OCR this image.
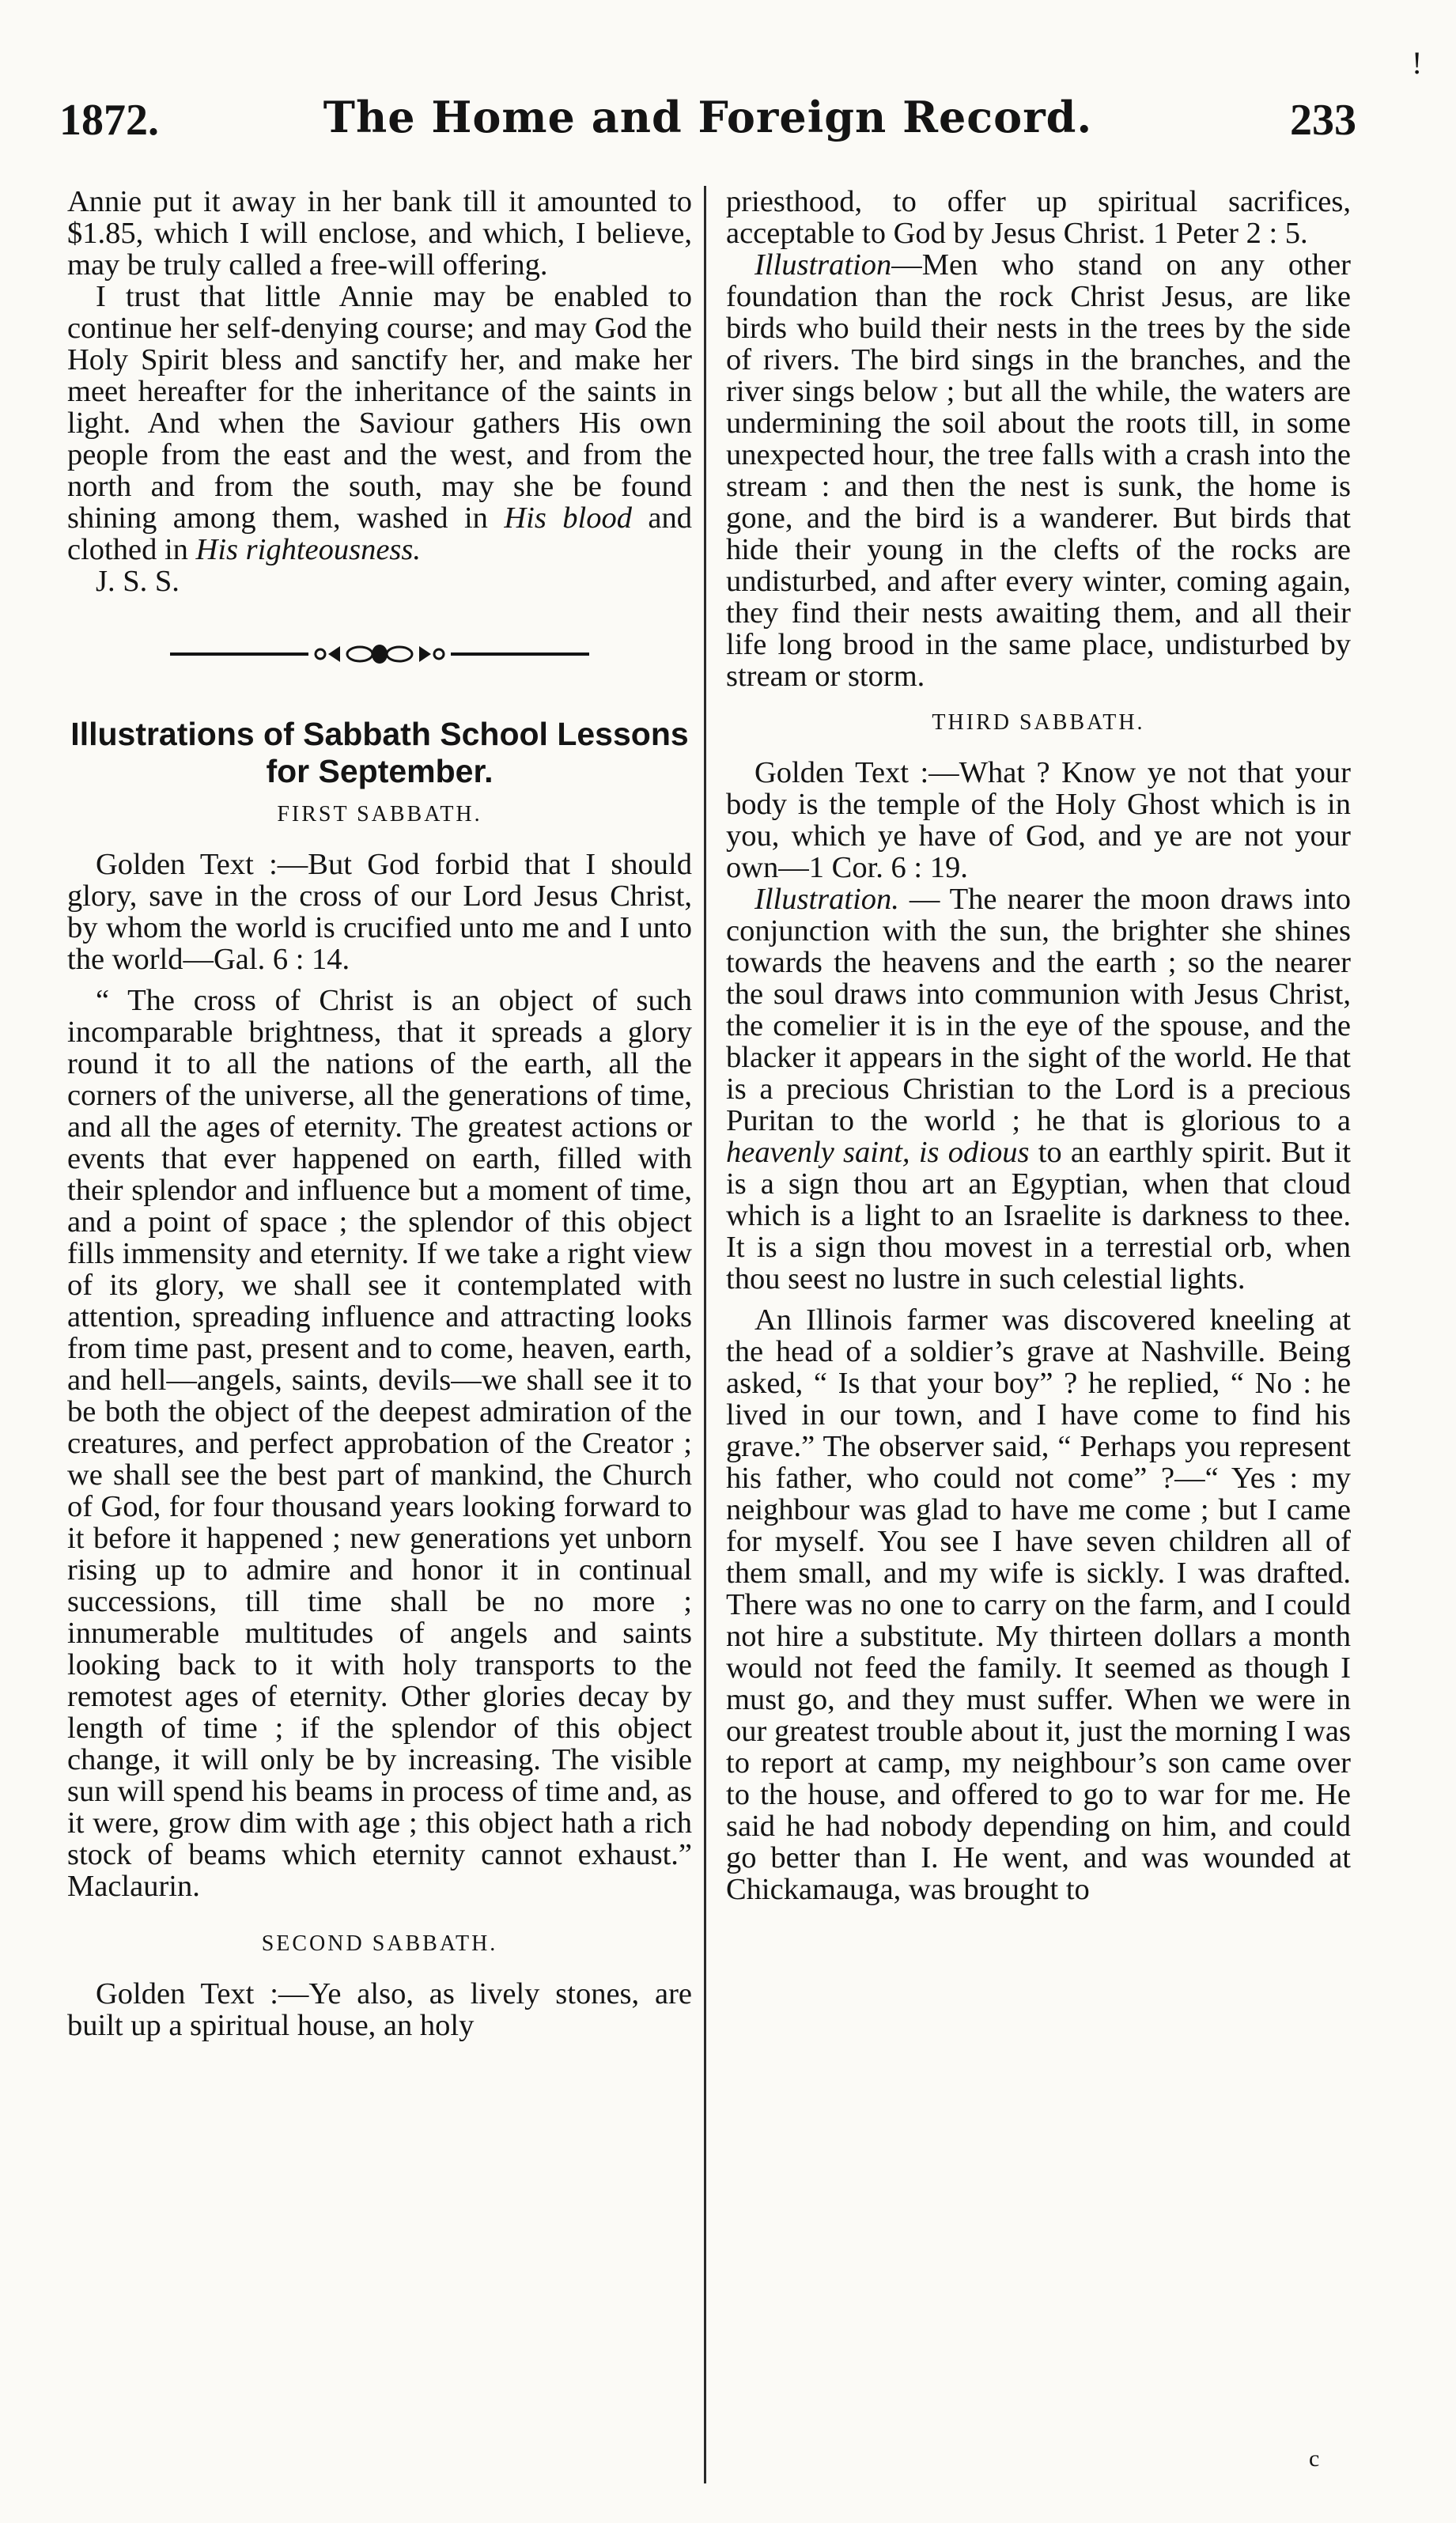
!
1872.	The Home and Foreign Record.	233

Annie put it away in her bank till it amounted to $1.85, which I will enclose, and which, I believe, may be truly called a free-will offering.

I trust that little Annie may be enabled to continue her self-denying course; and may God the Holy Spirit bless and sanctify her, and make her meet hereafter for the inheritance of the saints in light. And when the Saviour gathers His own people from the east and the west, and from the north and from the south, may she be found shining among them, washed in His blood and clothed in His righteousness.

J. S. S.

Illustrations of Sabbath School Lessons for September.
FIRST SABBATH.

Golden Text :—But God forbid that I should glory, save in the cross of our Lord Jesus Christ, by whom the world is crucified unto me and I unto the world—Gal. 6 : 14.

“ The cross of Christ is an object of such incomparable brightness, that it spreads a glory round it to all the nations of the earth, all the corners of the universe, all the generations of time, and all the ages of eternity. The greatest actions or events that ever happened on earth, filled with their splendor and influence but a moment of time, and a point of space ; the splendor of this object fills immensity and eternity. If we take a right view of its glory, we shall see it contemplated with attention, spreading influence and attracting looks from time past, present and to come, heaven, earth, and hell—angels, saints, devils—we shall see it to be both the object of the deepest admiration of the creatures, and perfect approbation of the Creator ; we shall see the best part of mankind, the Church of God, for four thousand years looking forward to it before it happened ; new generations yet unborn rising up to admire and honor it in continual successions, till time shall be no more ; innumerable multitudes of angels and saints looking back to it with holy transports to the remotest ages of eternity. Other glories decay by length of time ; if the splendor of this object change, it will only be by increasing. The visible sun will spend his beams in process of time and, as it were, grow dim with age ; this object hath a rich stock of beams which eternity cannot exhaust.” Maclaurin.

SECOND SABBATH.

Golden Text :—Ye also, as lively stones, are built up a spiritual house, an holy

priesthood, to offer up spiritual sacrifices, acceptable to God by Jesus Christ. 1 Peter 2 : 5.

Illustration—Men who stand on any other foundation than the rock Christ Jesus, are like birds who build their nests in the trees by the side of rivers. The bird sings in the branches, and the river sings below ; but all the while, the waters are undermining the soil about the roots till, in some unexpected hour, the tree falls with a crash into the stream : and then the nest is sunk, the home is gone, and the bird is a wanderer. But birds that hide their young in the clefts of the rocks are undisturbed, and after every winter, coming again, they find their nests awaiting them, and all their life long brood in the same place, undisturbed by stream or storm.

THIRD SABBATH.

Golden Text :—What ? Know ye not that your body is the temple of the Holy Ghost which is in you, which ye have of God, and ye are not your own—1 Cor. 6 : 19.

Illustration. — The nearer the moon draws into conjunction with the sun, the brighter she shines towards the heavens and the earth ; so the nearer the soul draws into communion with Jesus Christ, the comelier it is in the eye of the spouse, and the blacker it appears in the sight of the world. He that is a precious Christian to the Lord is a precious Puritan to the world ; he that is glorious to a heavenly saint, is odious to an earthly spirit. But it is a sign thou art an Egyptian, when that cloud which is a light to an Israelite is darkness to thee. It is a sign thou movest in a terrestial orb, when thou seest no lustre in such celestial lights.

An Illinois farmer was discovered kneeling at the head of a soldier’s grave at Nashville. Being asked, “ Is that your boy” ? he replied, “ No : he lived in our town, and I have come to find his grave.” The observer said, “ Perhaps you represent his father, who could not come” ?—“ Yes : my neighbour was glad to have me come ; but I came for myself. You see I have seven children all of them small, and my wife is sickly. I was drafted. There was no one to carry on the farm, and I could not hire a substitute. My thirteen dollars a month would not feed the family. It seemed as though I must go, and they must suffer. When we were in our greatest trouble about it, just the morning I was to report at camp, my neighbour’s son came over to the house, and offered to go to war for me. He said he had nobody depending on him, and could go better than I. He went, and was wounded at Chickamauga, was brought to

c
